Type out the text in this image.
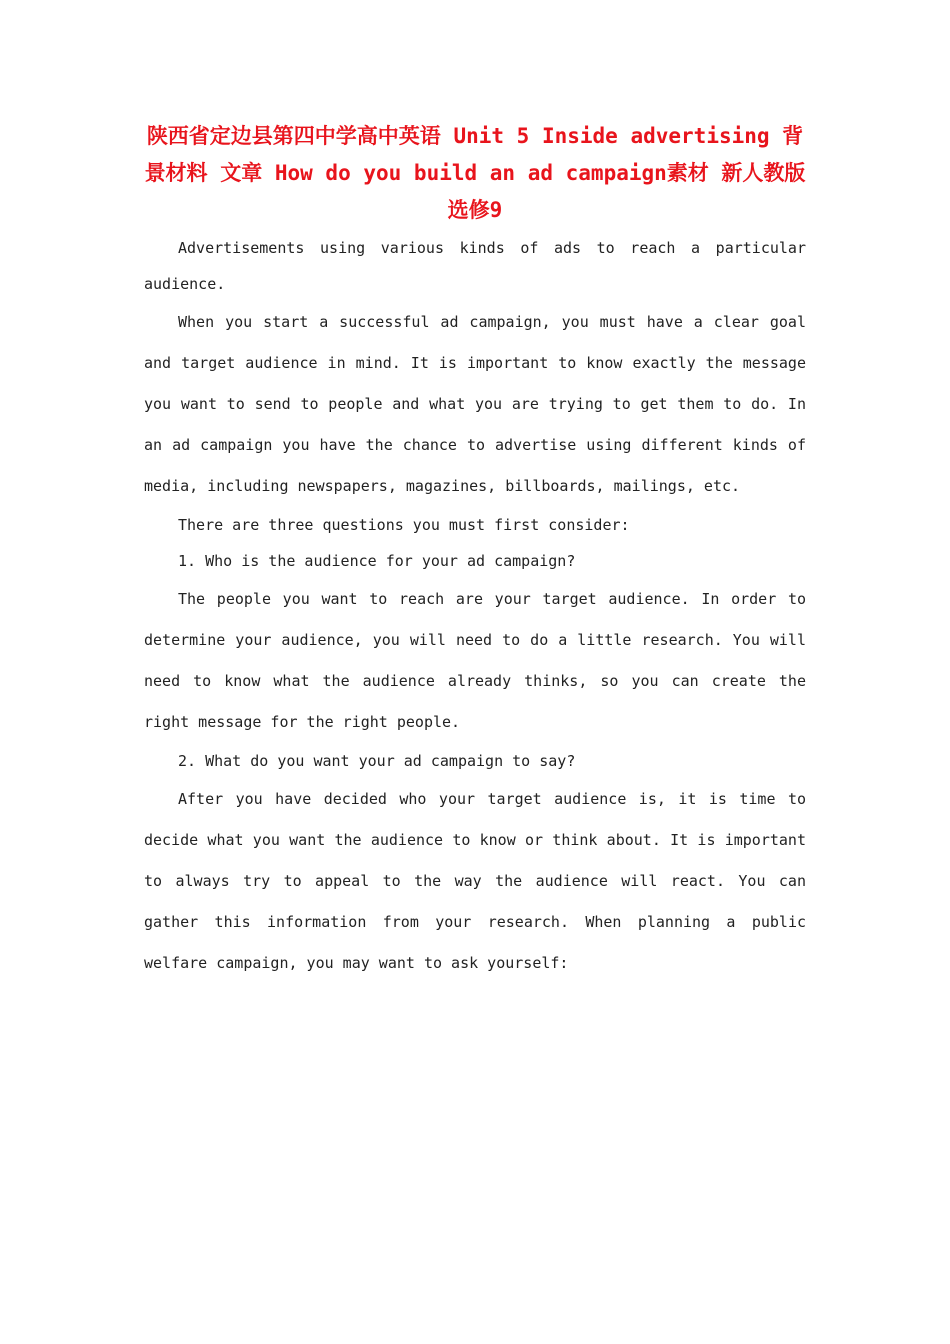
陕西省定边县第四中学高中英语 Unit 5 Inside advertising 背景材料 文章 How do you build an ad campaign素材 新人教版选修9

Advertisements using various kinds of ads to reach a particular audience.

When you start a successful ad campaign, you must have a clear goal and target audience in mind. It is important to know exactly the message you want to send to people and what you are trying to get them to do. In an ad campaign you have the chance to advertise using different kinds of media, including newspapers, magazines, billboards, mailings, etc.

There are three questions you must first consider:

1. Who is the audience for your ad campaign?

The people you want to reach are your target audience. In order to determine your audience, you will need to do a little research. You will need to know what the audience already thinks, so you can create the right message for the right people.

2. What do you want your ad campaign to say?

After you have decided who your target audience is, it is time to decide what you want the audience to know or think about. It is important to always try to appeal to the way the audience will react. You can gather this information from your research. When planning a public welfare campaign, you may want to ask yourself:
